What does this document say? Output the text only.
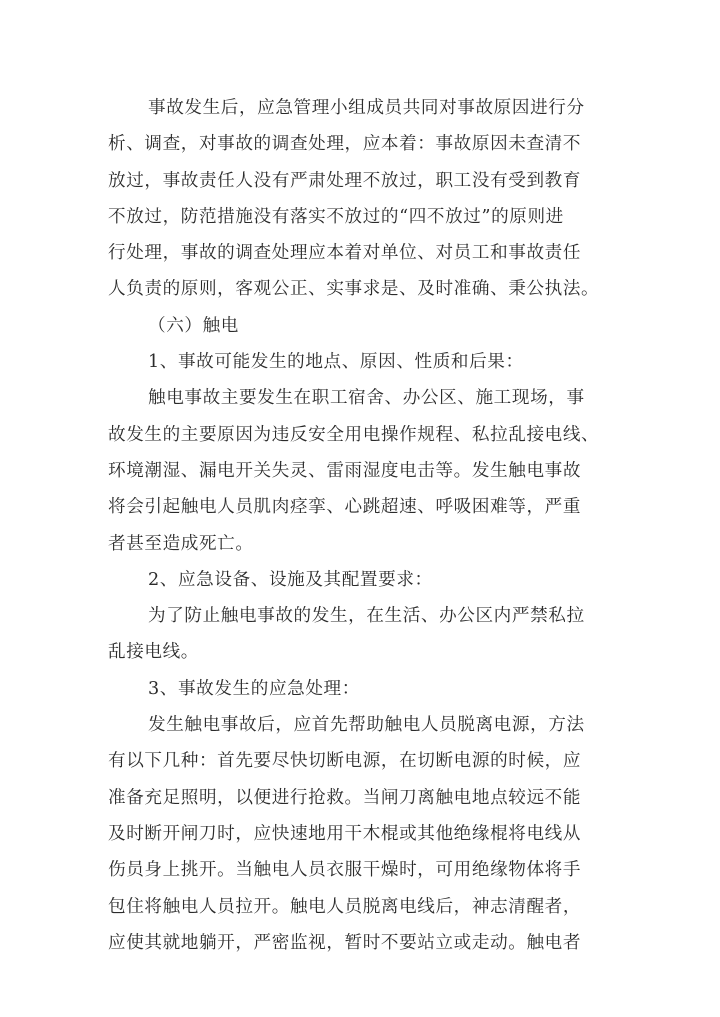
事故发生后，应急管理小组成员共同对事故原因进行分
析、调查，对事故的调查处理，应本着：事故原因未查清不
放过，事故责任人没有严肃处理不放过，职工没有受到教育
不放过，防范措施没有落实不放过的“四不放过”的原则进
行处理，事故的调查处理应本着对单位、对员工和事故责任
人负责的原则，客观公正、实事求是、及时准确、秉公执法。
（六）触电
1、事故可能发生的地点、原因、性质和后果：
触电事故主要发生在职工宿舍、办公区、施工现场，事
故发生的主要原因为违反安全用电操作规程、私拉乱接电线、
环境潮湿、漏电开关失灵、雷雨湿度电击等。发生触电事故
将会引起触电人员肌肉痉挛、心跳超速、呼吸困难等，严重
者甚至造成死亡。
2、应急设备、设施及其配置要求：
为了防止触电事故的发生，在生活、办公区内严禁私拉
乱接电线。
3、事故发生的应急处理：
发生触电事故后，应首先帮助触电人员脱离电源，方法
有以下几种：首先要尽快切断电源，在切断电源的时候，应
准备充足照明，以便进行抢救。当闸刀离触电地点较远不能
及时断开闸刀时，应快速地用干木棍或其他绝缘棍将电线从
伤员身上挑开。当触电人员衣服干燥时，可用绝缘物体将手
包住将触电人员拉开。触电人员脱离电线后，神志清醒者，
应使其就地躺开，严密监视，暂时不要站立或走动。触电者
